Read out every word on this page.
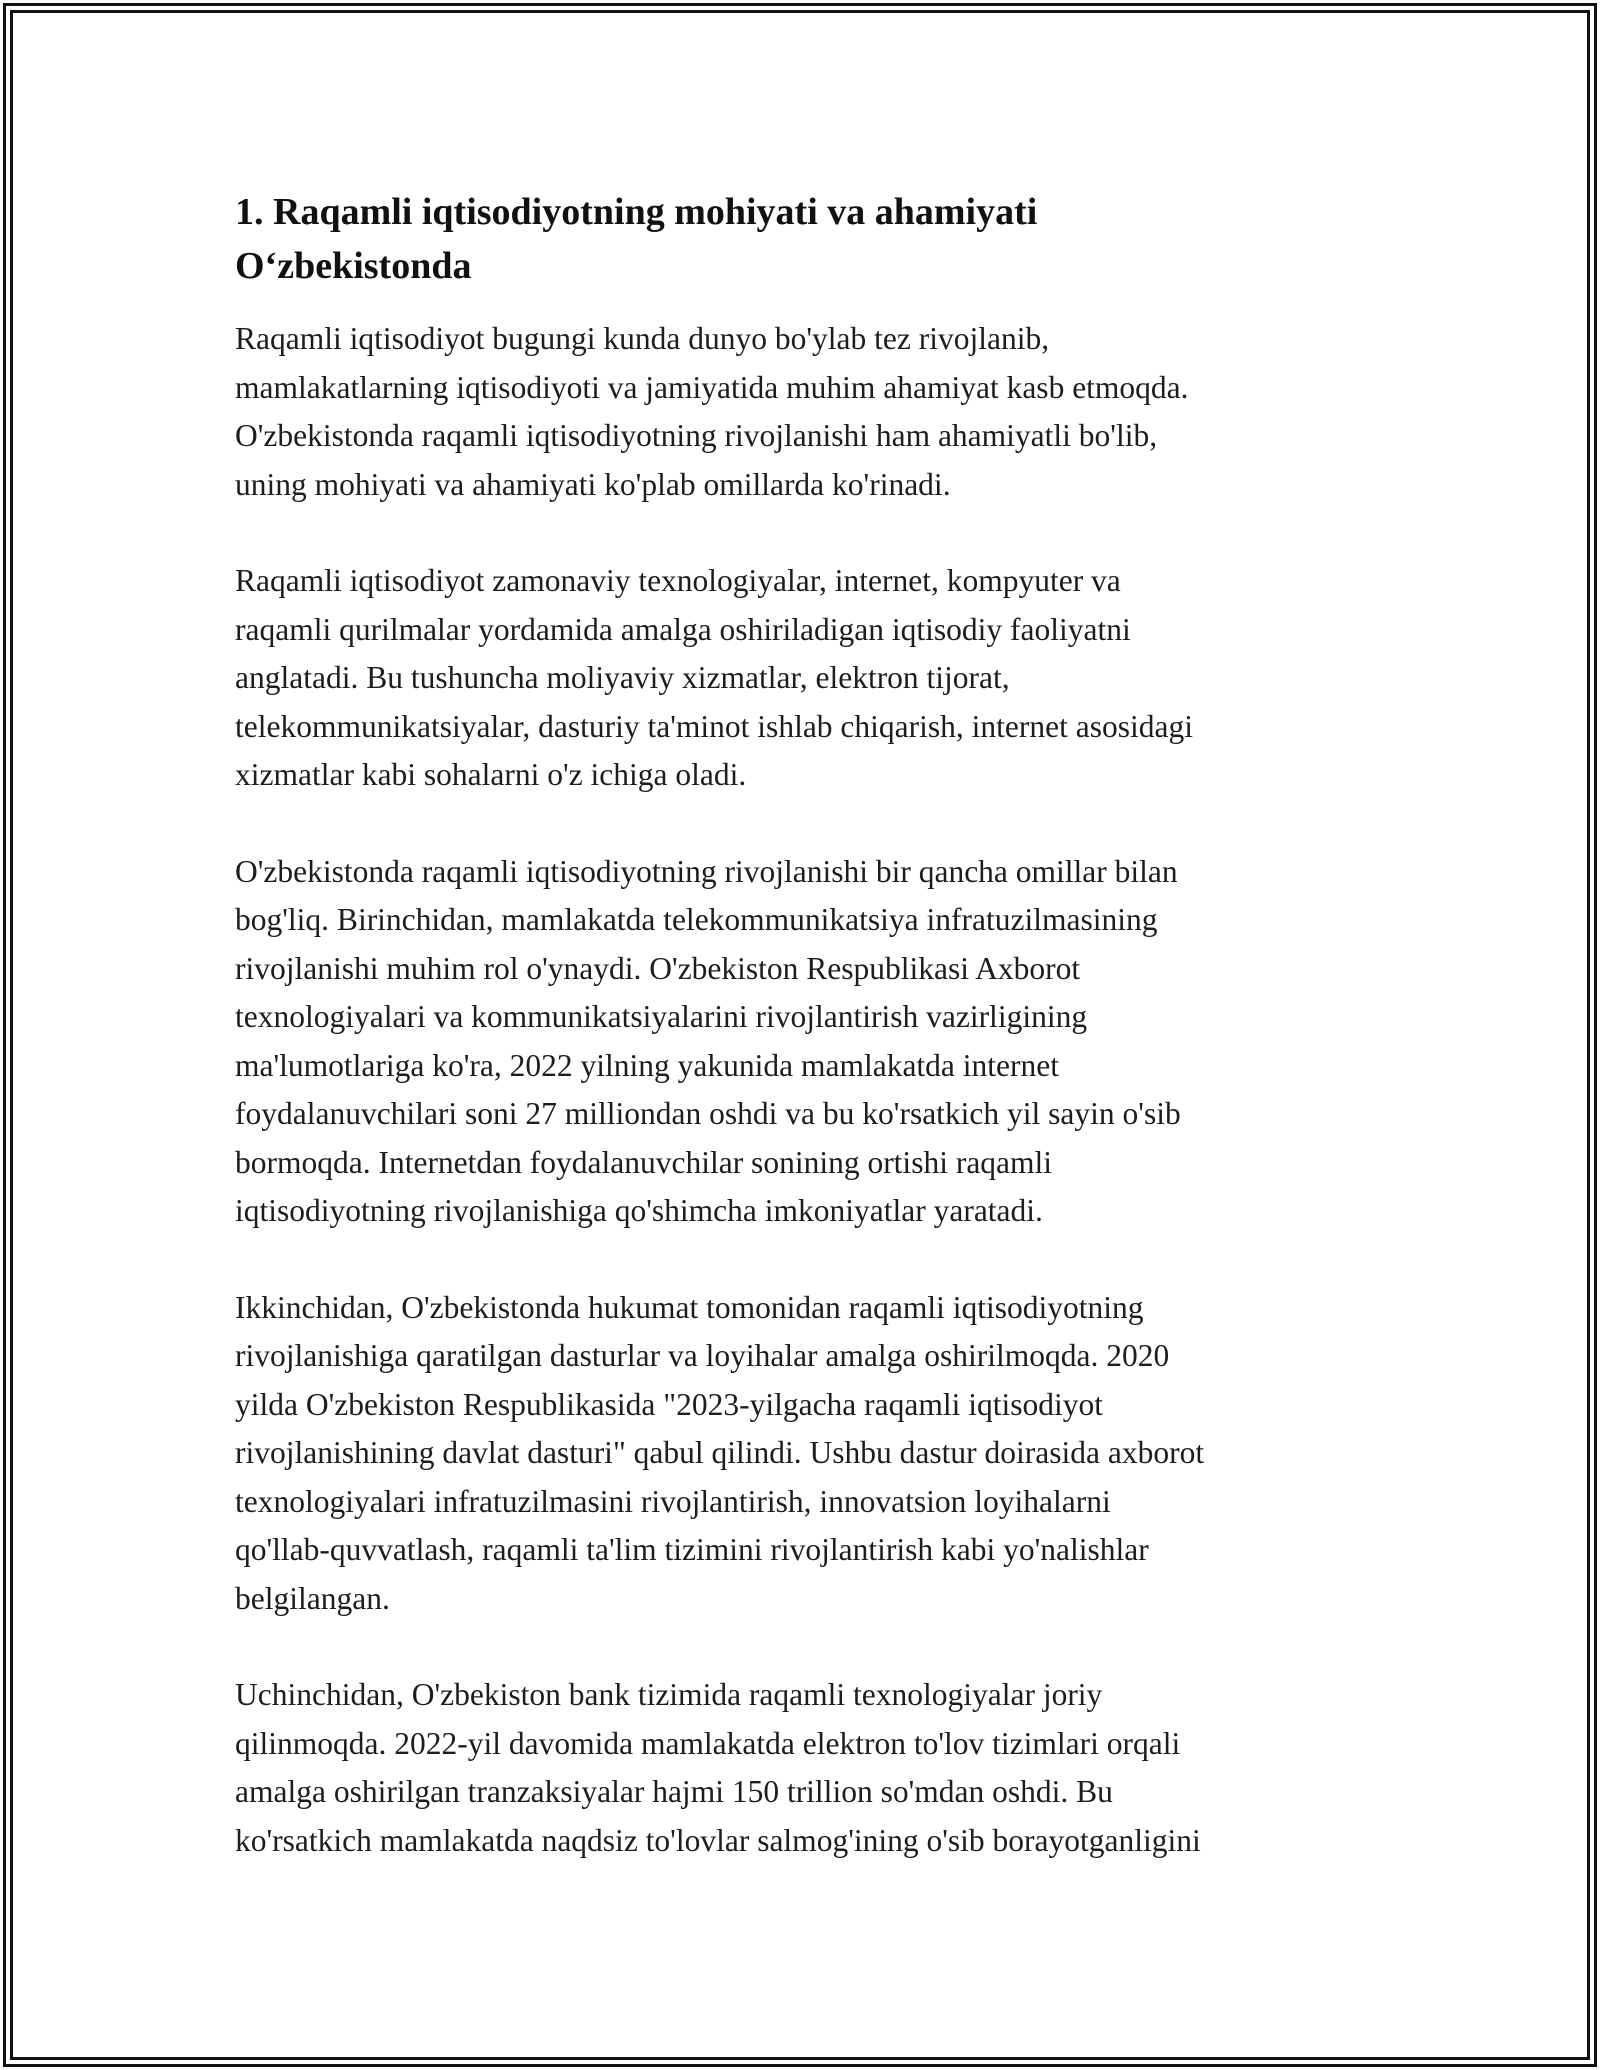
1. Raqamli iqtisodiyotning mohiyati va ahamiyati
O‘zbekistonda

Raqamli iqtisodiyot bugungi kunda dunyo bo'ylab tez rivojlanib,
mamlakatlarning iqtisodiyoti va jamiyatida muhim ahamiyat kasb etmoqda.
O'zbekistonda raqamli iqtisodiyotning rivojlanishi ham ahamiyatli bo'lib,
uning mohiyati va ahamiyati ko'plab omillarda ko'rinadi.

Raqamli iqtisodiyot zamonaviy texnologiyalar, internet, kompyuter va
raqamli qurilmalar yordamida amalga oshiriladigan iqtisodiy faoliyatni
anglatadi. Bu tushuncha moliyaviy xizmatlar, elektron tijorat,
telekommunikatsiyalar, dasturiy ta'minot ishlab chiqarish, internet asosidagi
xizmatlar kabi sohalarni o'z ichiga oladi.

O'zbekistonda raqamli iqtisodiyotning rivojlanishi bir qancha omillar bilan
bog'liq. Birinchidan, mamlakatda telekommunikatsiya infratuzilmasining
rivojlanishi muhim rol o'ynaydi. O'zbekiston Respublikasi Axborot
texnologiyalari va kommunikatsiyalarini rivojlantirish vazirligining
ma'lumotlariga ko'ra, 2022 yilning yakunida mamlakatda internet
foydalanuvchilari soni 27 milliondan oshdi va bu ko'rsatkich yil sayin o'sib
bormoqda. Internetdan foydalanuvchilar sonining ortishi raqamli
iqtisodiyotning rivojlanishiga qo'shimcha imkoniyatlar yaratadi.

Ikkinchidan, O'zbekistonda hukumat tomonidan raqamli iqtisodiyotning
rivojlanishiga qaratilgan dasturlar va loyihalar amalga oshirilmoqda. 2020
yilda O'zbekiston Respublikasida "2023-yilgacha raqamli iqtisodiyot
rivojlanishining davlat dasturi" qabul qilindi. Ushbu dastur doirasida axborot
texnologiyalari infratuzilmasini rivojlantirish, innovatsion loyihalarni
qo'llab-quvvatlash, raqamli ta'lim tizimini rivojlantirish kabi yo'nalishlar
belgilangan.

Uchinchidan, O'zbekiston bank tizimida raqamli texnologiyalar joriy
qilinmoqda. 2022-yil davomida mamlakatda elektron to'lov tizimlari orqali
amalga oshirilgan tranzaksiyalar hajmi 150 trillion so'mdan oshdi. Bu
ko'rsatkich mamlakatda naqdsiz to'lovlar salmog'ining o'sib borayotganligini
